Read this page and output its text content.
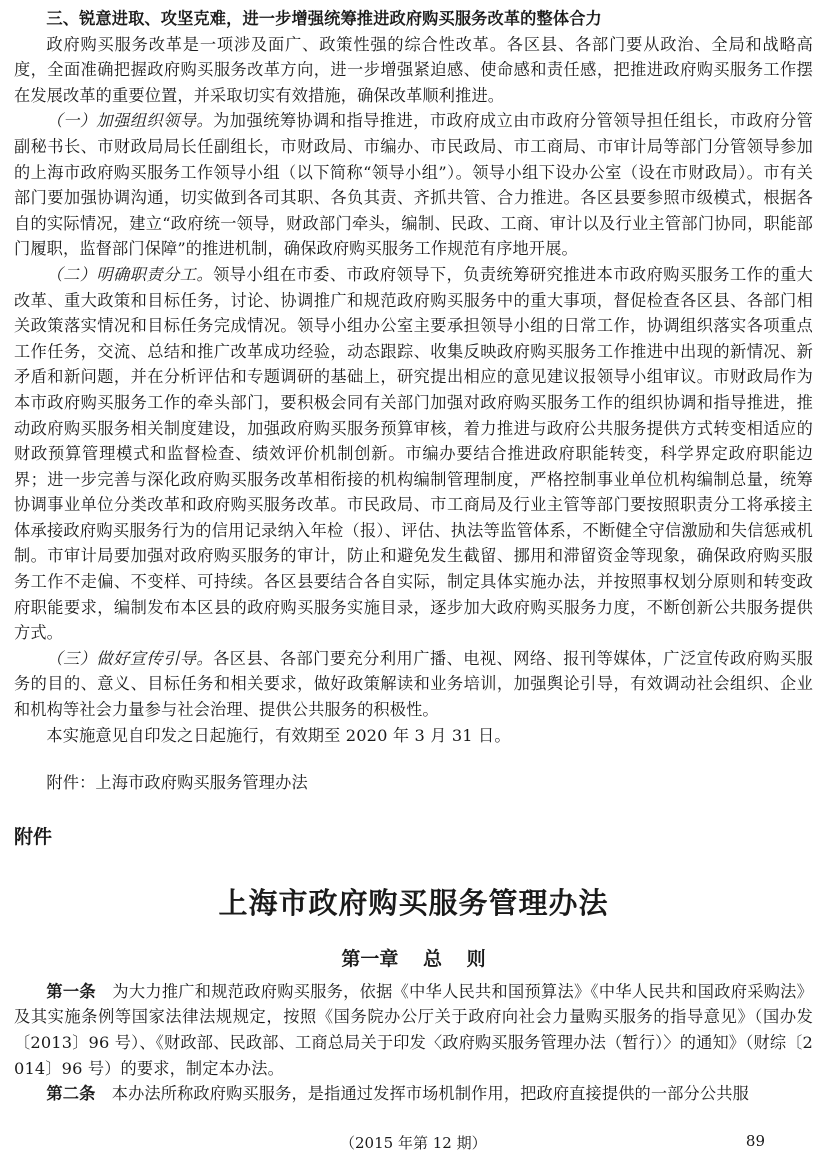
三、锐意进取、攻坚克难，进一步增强统筹推进政府购买服务改革的整体合力

政府购买服务改革是一项涉及面广、政策性强的综合性改革。各区县、各部门要从政治、全局和战略高度，全面准确把握政府购买服务改革方向，进一步增强紧迫感、使命感和责任感，把推进政府购买服务工作摆在发展改革的重要位置，并采取切实有效措施，确保改革顺利推进。

（一）加强组织领导。为加强统筹协调和指导推进，市政府成立由市政府分管领导担任组长，市政府分管副秘书长、市财政局局长任副组长，市财政局、市编办、市民政局、市工商局、市审计局等部门分管领导参加的上海市政府购买服务工作领导小组（以下简称“领导小组”）。领导小组下设办公室（设在市财政局）。市有关部门要加强协调沟通，切实做到各司其职、各负其责、齐抓共管、合力推进。各区县要参照市级模式，根据各自的实际情况，建立“政府统一领导，财政部门牵头，编制、民政、工商、审计以及行业主管部门协同，职能部门履职，监督部门保障”的推进机制，确保政府购买服务工作规范有序地开展。

（二）明确职责分工。领导小组在市委、市政府领导下，负责统筹研究推进本市政府购买服务工作的重大改革、重大政策和目标任务，讨论、协调推广和规范政府购买服务中的重大事项，督促检查各区县、各部门相关政策落实情况和目标任务完成情况。领导小组办公室主要承担领导小组的日常工作，协调组织落实各项重点工作任务，交流、总结和推广改革成功经验，动态跟踪、收集反映政府购买服务工作推进中出现的新情况、新矛盾和新问题，并在分析评估和专题调研的基础上，研究提出相应的意见建议报领导小组审议。市财政局作为本市政府购买服务工作的牵头部门，要积极会同有关部门加强对政府购买服务工作的组织协调和指导推进，推动政府购买服务相关制度建设，加强政府购买服务预算审核，着力推进与政府公共服务提供方式转变相适应的财政预算管理模式和监督检查、绩效评价机制创新。市编办要结合推进政府职能转变，科学界定政府职能边界；进一步完善与深化政府购买服务改革相衔接的机构编制管理制度，严格控制事业单位机构编制总量，统筹协调事业单位分类改革和政府购买服务改革。市民政局、市工商局及行业主管等部门要按照职责分工将承接主体承接政府购买服务行为的信用记录纳入年检（报）、评估、执法等监管体系，不断健全守信激励和失信惩戒机制。市审计局要加强对政府购买服务的审计，防止和避免发生截留、挪用和滞留资金等现象，确保政府购买服务工作不走偏、不变样、可持续。各区县要结合各自实际，制定具体实施办法，并按照事权划分原则和转变政府职能要求，编制发布本区县的政府购买服务实施目录，逐步加大政府购买服务力度，不断创新公共服务提供方式。

（三）做好宣传引导。各区县、各部门要充分利用广播、电视、网络、报刊等媒体，广泛宣传政府购买服务的目的、意义、目标任务和相关要求，做好政策解读和业务培训，加强舆论引导，有效调动社会组织、企业和机构等社会力量参与社会治理、提供公共服务的积极性。

本实施意见自印发之日起施行，有效期至 2020 年 3 月 31 日。

附件：上海市政府购买服务管理办法

附件

上海市政府购买服务管理办法
第一章 总 则

第一条　 为大力推广和规范政府购买服务，依据《中华人民共和国预算法》《中华人民共和国政府采购法》及其实施条例等国家法律法规规定，按照《国务院办公厅关于政府向社会力量购买服务的指导意见》（国办发〔2013〕96 号）、《财政部、民政部、工商总局关于印发〈政府购买服务管理办法（暂行）〉的通知》（财综〔2014〕96 号）的要求，制定本办法。

第二条　 本办法所称政府购买服务，是指通过发挥市场机制作用，把政府直接提供的一部分公共服

（2015 年第 12 期）	89
